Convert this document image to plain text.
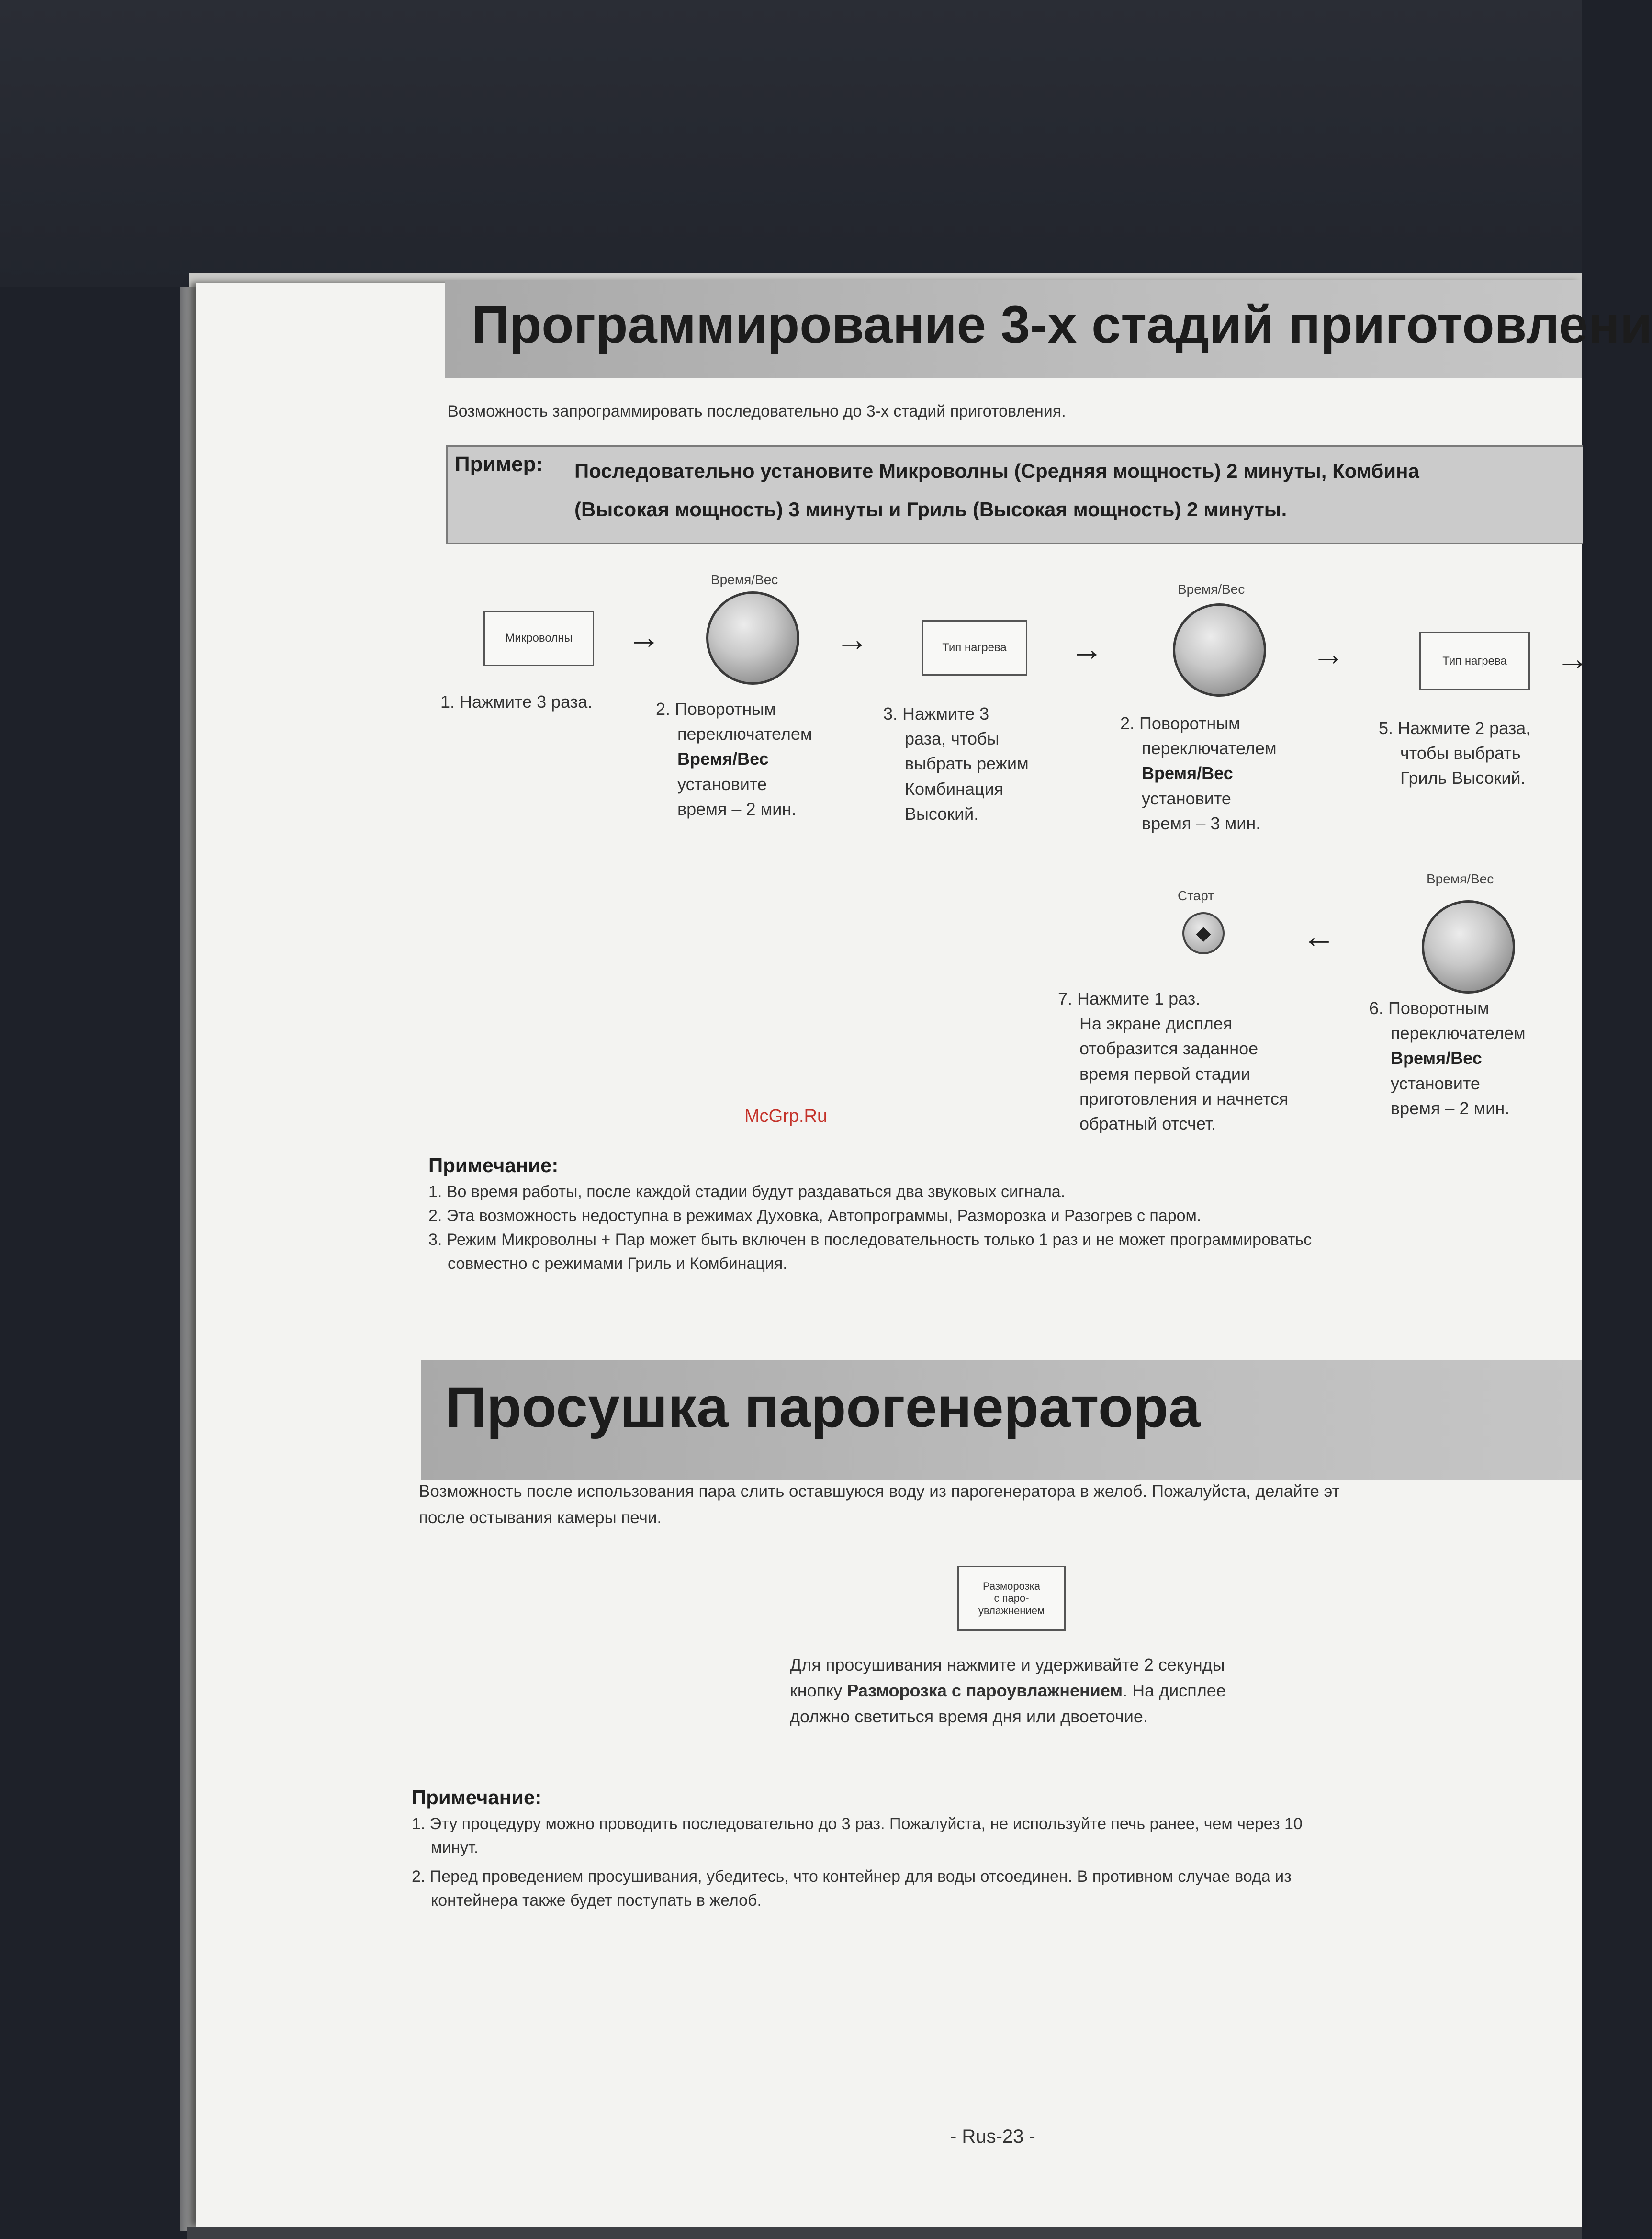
Программирование 3-х стадий приготовлени
Возможность запрограммировать последовательно до 3-х стадий приготовления.
Пример: Последовательно установите Микроволны (Средняя мощность) 2 минуты, Комбина
(Высокая мощность) 3 минуты и Гриль (Высокая мощность) 2 минуты.
Микроволны	→
Время/Вес
→	Тип нагрева	→
Время/Вес
→	Тип нагрева	→
1. Нажмите 3 раза.	2. Поворотным
переключателем
Время/Вес
установите
время – 2 мин.
3. Нажмите 3
раза, чтобы
выбрать режим
Комбинация
Высокий.
2. Поворотным
переключателем
Время/Вес
установите
время – 3 мин.
5. Нажмите 2 раза,
чтобы выбрать
Гриль Высокий.
Старт
◆	←
Время/Вес
7. Нажмите 1 раз.
На экране дисплея
отобразится заданное
время первой стадии
приготовления и начнется
обратный отсчет.
6. Поворотным
переключателем
Время/Вес
установите
время – 2 мин.
McGrp.Ru
Примечание:
1. Во время работы, после каждой стадии будут раздаваться два звуковых сигнала.
2. Эта возможность недоступна в режимах Духовка, Автопрограммы, Разморозка и Разогрев с паром.
3. Режим Микроволны + Пар может быть включен в последовательность только 1 раз и не может программироватьс
совместно с режимами Гриль и Комбинация.
Просушка парогенератора
Возможность после использования пара слить оставшуюся воду из парогенератора в желоб. Пожалуйста, делайте эт
после остывания камеры печи.
Разморозка
с паро-
увлажнением
Для просушивания нажмите и удерживайте 2 секунды кнопку Разморозка с пароувлажнением. На дисплее должно светиться время дня или двоеточие.
Примечание:
1. Эту процедуру можно проводить последовательно до 3 раз. Пожалуйста, не используйте печь ранее, чем через 10
минут.
2. Перед проведением просушивания, убедитесь, что контейнер для воды отсоединен. В противном случае вода из
контейнера также будет поступать в желоб.
- Rus-23 -
